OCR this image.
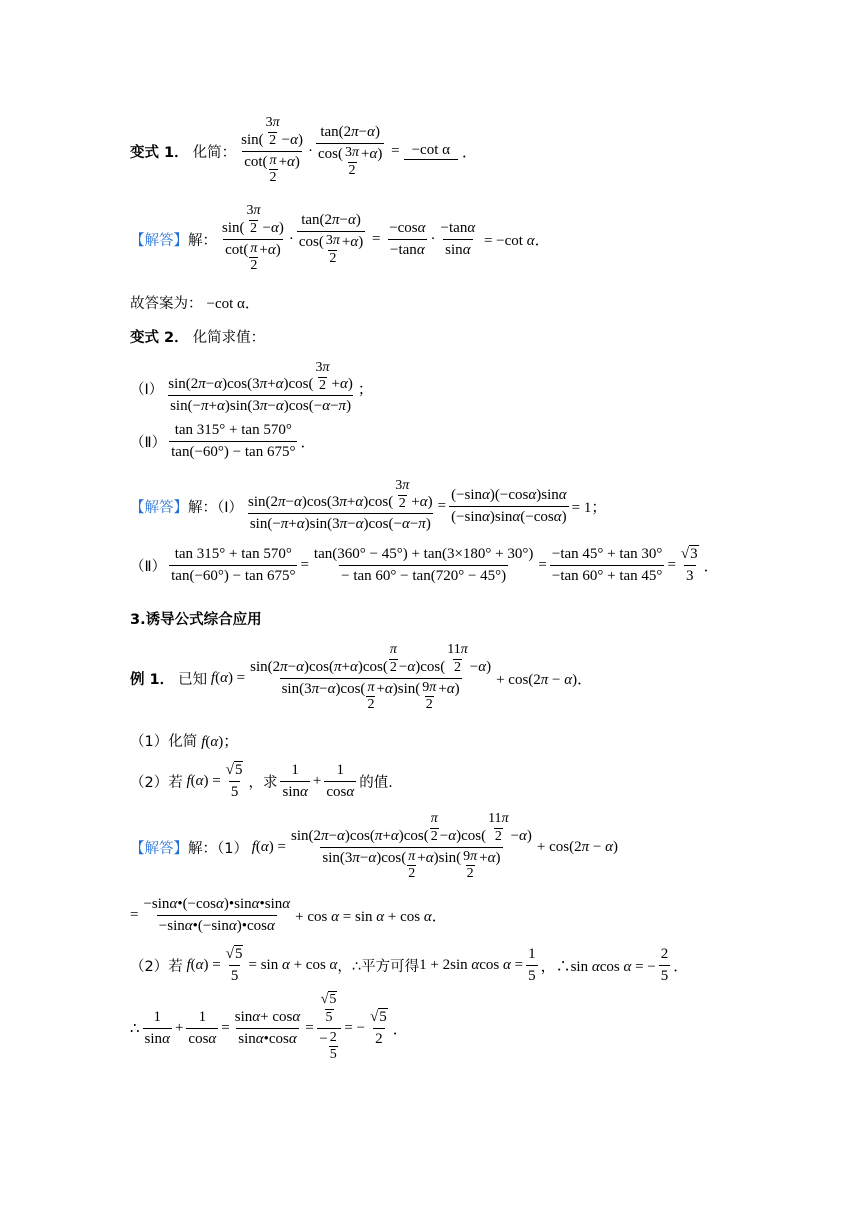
变式 1． 化简： sin(
3π
2 − α )
cot( π
2
+ α ) · tan(2 π − α )
cos( 3π
2
+ α ) = −cot α ．
【解答】 解： sin(
3π
2 − α )
cot( π
2
+ α ) · tan(2 π − α )
cos( 3π
2
+ α ) = $\frac{\text{−cos α}}{\text{−tan α}} \cdot \frac{\text{−tan α}}{\text{sin α}} = -\cot$ α．
故答案为： −cot α．
变式 2． 化简求值：
（Ⅰ） sin(2 π − α )cos(3 π + α )cos(
3π
2 + α )
sin(− π + α )sin(3 π − α )cos(− α − π ) ；
（Ⅱ） $\frac{\tan 315^\circ + \tan 570^\circ}{\tan(-60^\circ) - \tan 675^\circ}$ ．
【解答】 解：（Ⅰ） sin(2 π − α )cos(3 π + α )cos(
3π
2 + α )
sin(− π + α )sin(3 π − α )cos(− α − π ) = $\frac{\text{(−sin α )(−cos α )sin α}}{\text{(−sin α )sin α (−cos α )}} = 1$；
（Ⅱ） $\frac{\tan 315^\circ + \tan 570^\circ}{\tan(-60^\circ) - \tan 675^\circ} = \frac{\tan(360^\circ - 45^\circ) + \tan(3\times 180^\circ + 30^\circ)}{- \tan 60^\circ - \tan(720^\circ - 45^\circ)} = \frac{-\tan 45^\circ + \tan 30^\circ}{-\tan 60^\circ + \tan 45^\circ} = \frac{√3}{3}$ ．
3.诱导公式综合应用
例 1． 已知 f(α) = sin(2 π − α )cos( π + α )cos(
π
2 − α )cos(
11π
2 − α )
sin(3 π − α )cos( π
2
+ α )sin( 9π
2
+ α ) + cos(2π − α)．
（1）化简 f(α)；
（2）若 $f(\alpha) = \frac{√5}{5}$ ，求 $\frac{1}{\text{sin α}} + \frac{1}{\text{cos α}}$ 的值．
【解答】 解：（1） f(α) = sin(2 π − α )cos( π + α )cos(
π
2 − α )cos(
11π
2 − α )
sin(3 π − α )cos( π
2
+ α )sin( 9π
2
+ α ) + cos(2π − α)
= $\frac{\text{−sin α •(−cos α )•sin α •sin α}}{\text{−sin α •(−sin α )•cos α}} + \cos \alpha = \sin \alpha + \cos \alpha$．
（2）若 $f(\alpha) = \frac{√5}{5} = \sin \alpha + \cos \alpha$ ，∴平方可得 1 + 2sin αcos $\alpha = \frac{1}{5}$ ，∴sin αcos α = − $\frac{2}{5}$ ．
∴ $\frac{1}{\text{sin α}} + \frac{1}{\text{cos α}} = \frac{\text{sin α + cos α}}{\text{sin α •cos α}} = √5$
5
− 2
5 = − $\frac{√5}{2}$ ．
